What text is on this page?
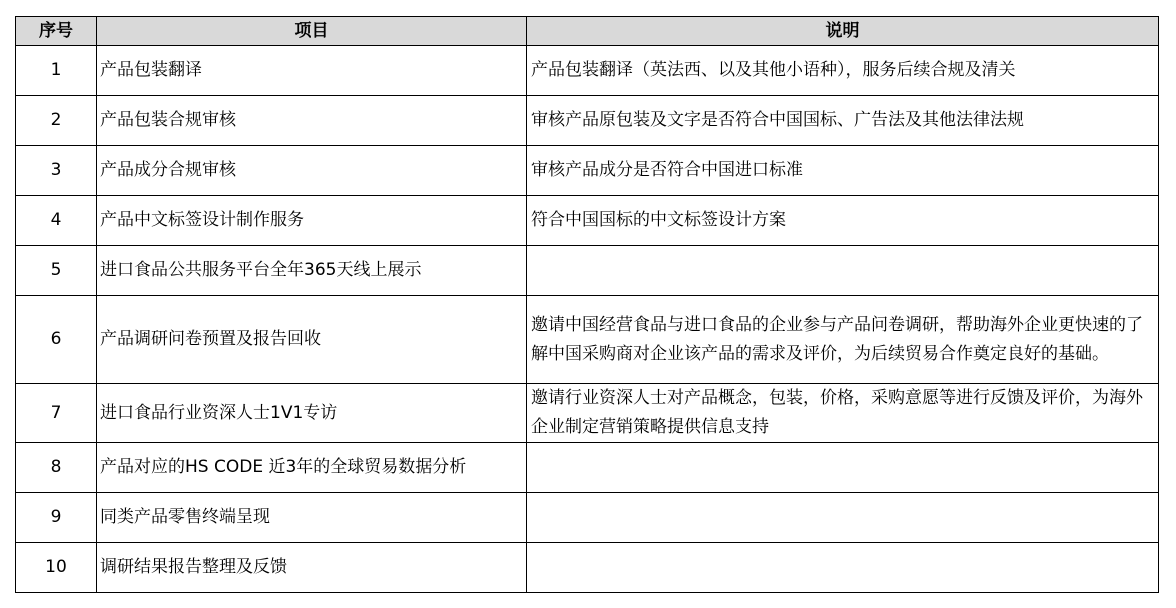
序号	项目	说明
1	产品包装翻译	产品包装翻译（英法西、以及其他小语种），服务后续合规及清关
2	产品包装合规审核	审核产品原包装及文字是否符合中国国标、广告法及其他法律法规
3	产品成分合规审核	审核产品成分是否符合中国进口标准
4	产品中文标签设计制作服务	符合中国国标的中文标签设计方案
5	进口食品公共服务平台全年365天线上展示	
6	产品调研问卷预置及报告回收	邀请中国经营食品与进口食品的企业参与产品问卷调研，帮助海外企业更快速的了解中国采购商对企业该产品的需求及评价，为后续贸易合作奠定良好的基础。
7	进口食品行业资深人士1V1专访	邀请行业资深人士对产品概念，包装，价格，采购意愿等进行反馈及评价，为海外企业制定营销策略提供信息支持
8	产品对应的HS CODE 近3年的全球贸易数据分析	
9	同类产品零售终端呈现	
10	调研结果报告整理及反馈	
